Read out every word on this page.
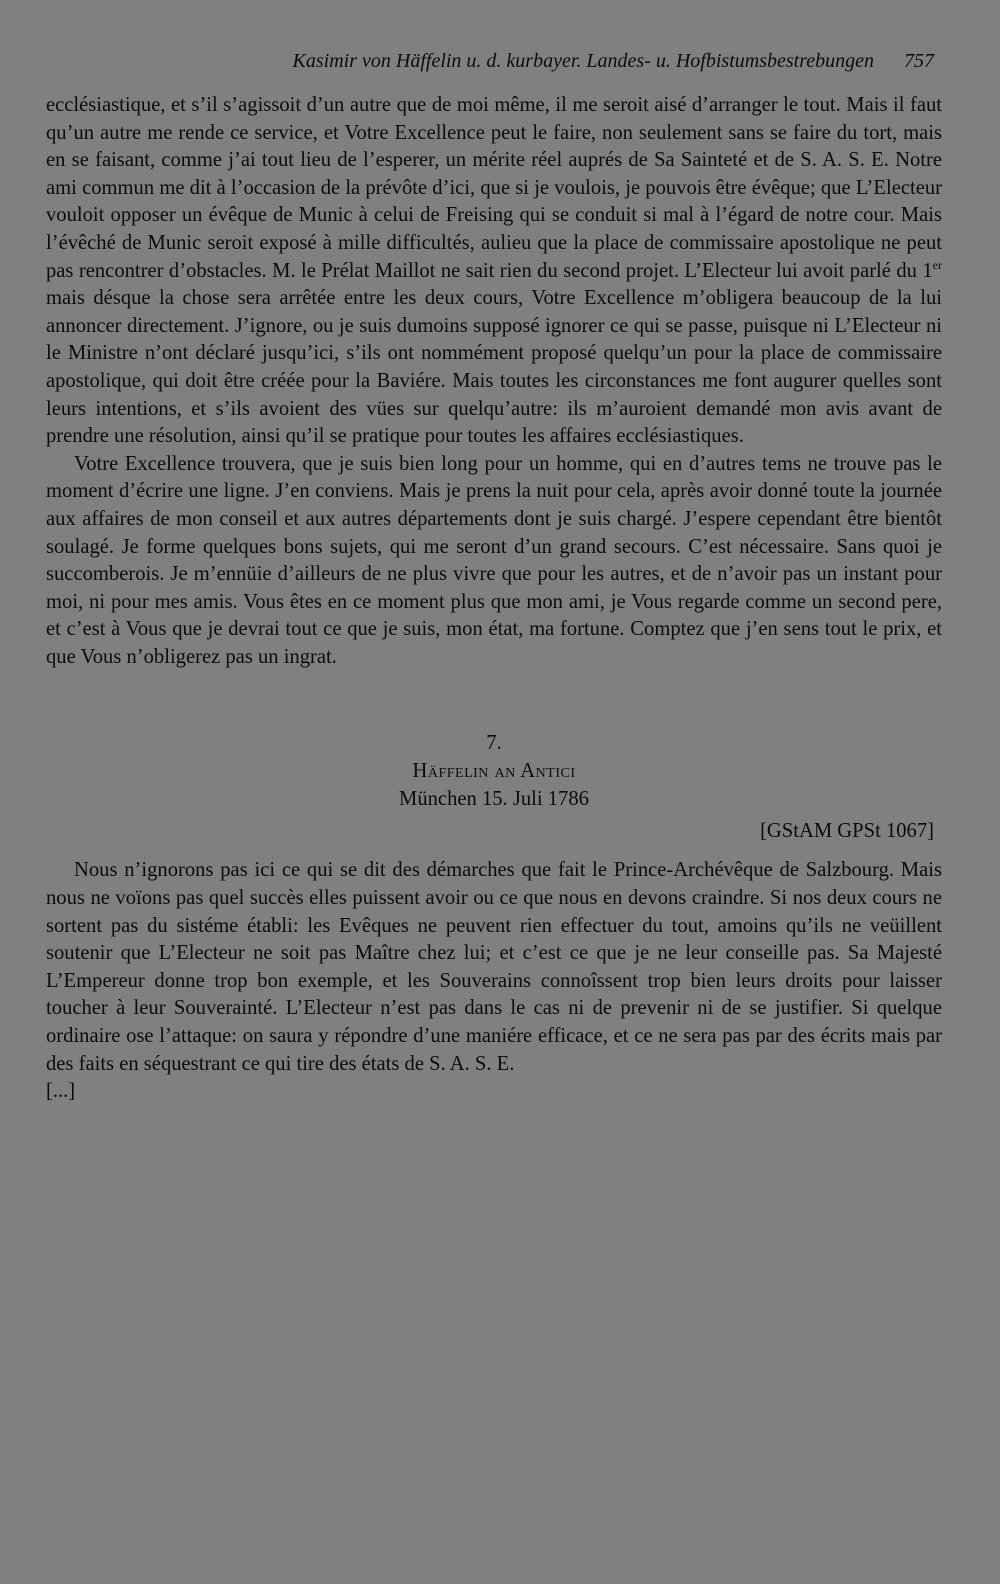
Kasimir von Häffelin u. d. kurbayer. Landes- u. Hofbistumsbestrebungen 757

ecclésiastique, et s’il s’agissoit d’un autre que de moi même, il me seroit aisé d’arranger le tout. Mais il faut qu’un autre me rende ce service, et Votre Excellence peut le faire, non seulement sans se faire du tort, mais en se faisant, comme j’ai tout lieu de l’esperer, un mérite réel auprés de Sa Sainteté et de S. A. S. E. Notre ami commun me dit à l’occasion de la prévôte d’ici, que si je voulois, je pouvois être évêque; que L’Electeur vouloit opposer un évêque de Munic à celui de Freising qui se conduit si mal à l’égard de notre cour. Mais l’évêché de Munic seroit exposé à mille difficultés, aulieu que la place de commissaire apostolique ne peut pas rencontrer d’obstacles. M. le Prélat Maillot ne sait rien du second projet. L’Electeur lui avoit parlé du 1er mais désque la chose sera arrêtée entre les deux cours, Votre Excellence m’obligera beaucoup de la lui annoncer directement. J’ignore, ou je suis dumoins supposé ignorer ce qui se passe, puisque ni L’Electeur ni le Ministre n’ont déclaré jusqu’ici, s’ils ont nommément proposé quelqu’un pour la place de commissaire apostolique, qui doit être créée pour la Baviére. Mais toutes les circonstances me font augurer quelles sont leurs intentions, et s’ils avoient des vües sur quelqu’autre: ils m’auroient demandé mon avis avant de prendre une résolution, ainsi qu’il se pratique pour toutes les affaires ecclésiastiques.

Votre Excellence trouvera, que je suis bien long pour un homme, qui en d’autres tems ne trouve pas le moment d’écrire une ligne. J’en conviens. Mais je prens la nuit pour cela, après avoir donné toute la journée aux affaires de mon conseil et aux autres départements dont je suis chargé. J’espere cependant être bientôt soulagé. Je forme quelques bons sujets, qui me seront d’un grand secours. C’est nécessaire. Sans quoi je succomberois. Je m’ennüie d’ailleurs de ne plus vivre que pour les autres, et de n’avoir pas un instant pour moi, ni pour mes amis. Vous êtes en ce moment plus que mon ami, je Vous regarde comme un second pere, et c’est à Vous que je devrai tout ce que je suis, mon état, ma fortune. Comptez que j’en sens tout le prix, et que Vous n’obligerez pas un ingrat.

7.
Häffelin an Antici
München 15. Juli 1786
[GStAM GPSt 1067]

Nous n’ignorons pas ici ce qui se dit des démarches que fait le Prince-Archévêque de Salzbourg. Mais nous ne voïons pas quel succès elles puissent avoir ou ce que nous en devons craindre. Si nos deux cours ne sortent pas du sistéme établi: les Evêques ne peuvent rien effectuer du tout, amoins qu’ils ne veüillent soutenir que L’Electeur ne soit pas Maître chez lui; et c’est ce que je ne leur conseille pas. Sa Majesté L’Empereur donne trop bon exemple, et les Souverains connoîssent trop bien leurs droits pour laisser toucher à leur Souverainté. L’Electeur n’est pas dans le cas ni de prevenir ni de se justifier. Si quelque ordinaire ose l’attaque: on saura y répondre d’une maniére efficace, et ce ne sera pas par des écrits mais par des faits en séquestrant ce qui tire des états de S. A. S. E.

[...]
